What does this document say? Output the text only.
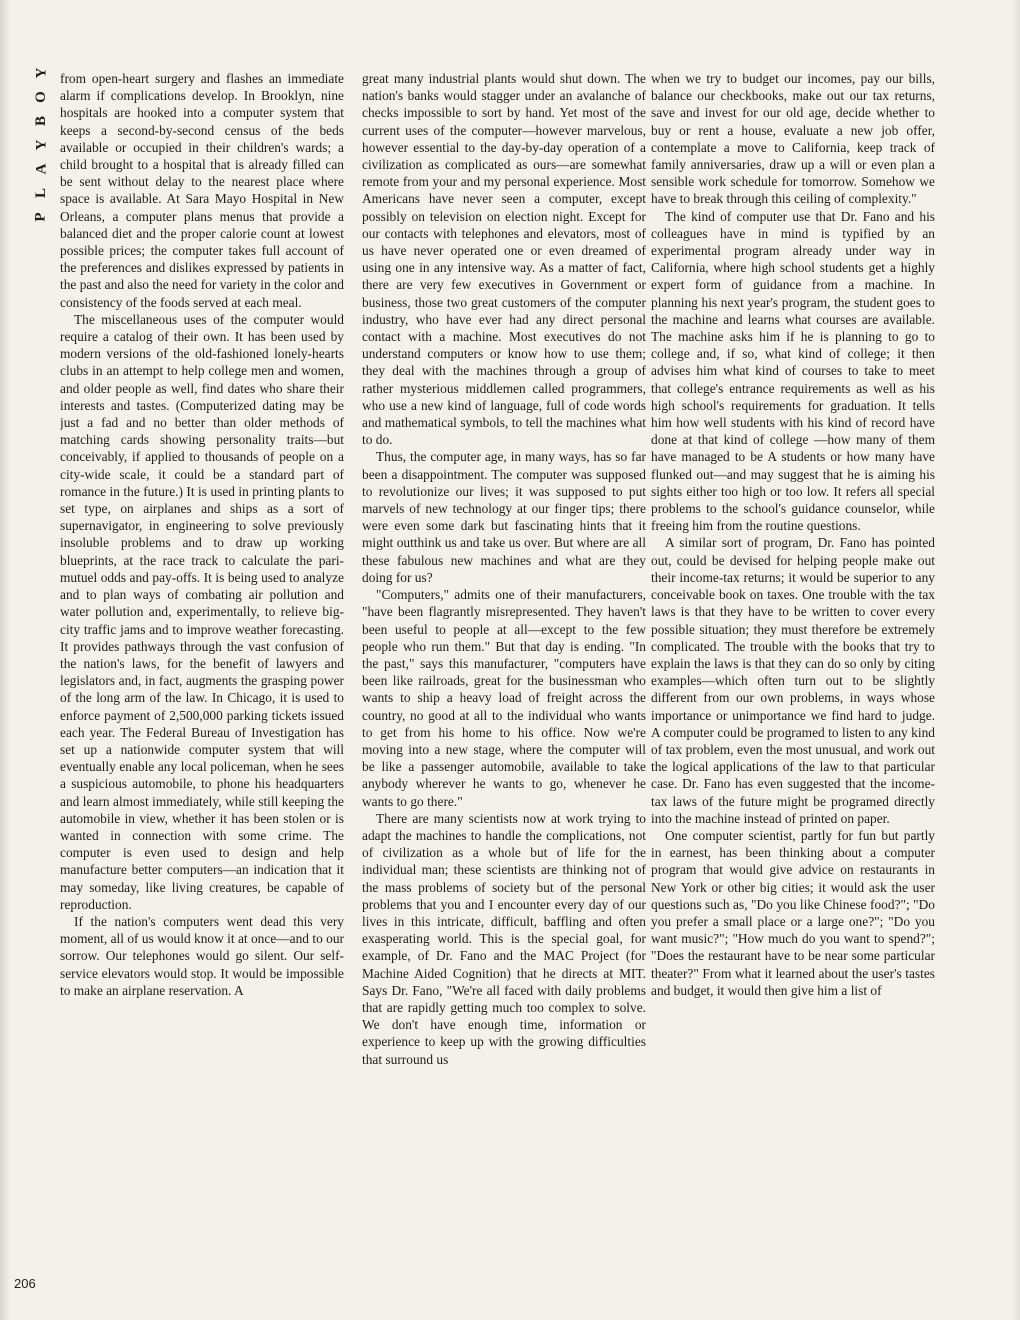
Y
O
B
Y
A
L
P
206

from open-heart surgery and flashes an immediate alarm if complications develop. In Brooklyn, nine hospitals are hooked into a computer system that keeps a second-by-second census of the beds available or occupied in their children's wards; a child brought to a hospital that is already filled can be sent without delay to the nearest place where space is available. At Sara Mayo Hospital in New Orleans, a computer plans menus that provide a balanced diet and the proper calorie count at lowest possible prices; the computer takes full account of the preferences and dislikes expressed by patients in the past and also the need for variety in the color and consistency of the foods served at each meal.

The miscellaneous uses of the computer would require a catalog of their own. It has been used by modern versions of the old-fashioned lonely-hearts clubs in an attempt to help college men and women, and older people as well, find dates who share their interests and tastes. (Computerized dating may be just a fad and no better than older methods of matching cards showing personality traits—but conceivably, if applied to thousands of people on a city-wide scale, it could be a standard part of romance in the future.) It is used in printing plants to set type, on airplanes and ships as a sort of supernavigator, in engineering to solve previously insoluble problems and to draw up working blueprints, at the race track to calculate the pari-mutuel odds and pay-offs. It is being used to analyze and to plan ways of combating air pollution and water pollution and, experimentally, to relieve big-city traffic jams and to improve weather forecasting. It provides pathways through the vast confusion of the nation's laws, for the benefit of lawyers and legislators and, in fact, augments the grasping power of the long arm of the law. In Chicago, it is used to enforce payment of 2,500,000 parking tickets issued each year. The Federal Bureau of Investigation has set up a nationwide computer system that will eventually enable any local policeman, when he sees a suspicious automobile, to phone his headquarters and learn almost immediately, while still keeping the automobile in view, whether it has been stolen or is wanted in connection with some crime. The computer is even used to design and help manufacture better computers—an indication that it may someday, like living creatures, be capable of reproduction.

If the nation's computers went dead this very moment, all of us would know it at once—and to our sorrow. Our telephones would go silent. Our self-service elevators would stop. It would be impossible to make an airplane reservation. A

great many industrial plants would shut down. The nation's banks would stagger under an avalanche of checks impossible to sort by hand. Yet most of the current uses of the computer—however marvelous, however essential to the day-by-day operation of a civilization as complicated as ours—are somewhat remote from your and my personal experience. Most Americans have never seen a computer, except possibly on television on election night. Except for our contacts with telephones and elevators, most of us have never operated one or even dreamed of using one in any intensive way. As a matter of fact, there are very few executives in Government or business, those two great customers of the computer industry, who have ever had any direct personal contact with a machine. Most executives do not understand computers or know how to use them; they deal with the machines through a group of rather mysterious middlemen called programmers, who use a new kind of language, full of code words and mathematical symbols, to tell the machines what to do.

Thus, the computer age, in many ways, has so far been a disappointment. The computer was supposed to revolutionize our lives; it was supposed to put marvels of new technology at our finger tips; there were even some dark but fascinating hints that it might outthink us and take us over. But where are all these fabulous new machines and what are they doing for us?

"Computers," admits one of their manufacturers, "have been flagrantly misrepresented. They haven't been useful to people at all—except to the few people who run them." But that day is ending. "In the past," says this manufacturer, "computers have been like railroads, great for the businessman who wants to ship a heavy load of freight across the country, no good at all to the individual who wants to get from his home to his office. Now we're moving into a new stage, where the computer will be like a passenger automobile, available to take anybody wherever he wants to go, whenever he wants to go there."

There are many scientists now at work trying to adapt the machines to handle the complications, not of civilization as a whole but of life for the individual man; these scientists are thinking not of the mass problems of society but of the personal problems that you and I encounter every day of our lives in this intricate, difficult, baffling and often exasperating world. This is the special goal, for example, of Dr. Fano and the MAC Project (for Machine Aided Cognition) that he directs at MIT. Says Dr. Fano, "We're all faced with daily problems that are rapidly getting much too complex to solve. We don't have enough time, information or experience to keep up with the growing difficulties that surround us

when we try to budget our incomes, pay our bills, balance our checkbooks, make out our tax returns, save and invest for our old age, decide whether to buy or rent a house, evaluate a new job offer, contemplate a move to California, keep track of family anniversaries, draw up a will or even plan a sensible work schedule for tomorrow. Somehow we have to break through this ceiling of complexity."

The kind of computer use that Dr. Fano and his colleagues have in mind is typified by an experimental program already under way in California, where high school students get a highly expert form of guidance from a machine. In planning his next year's program, the student goes to the machine and learns what courses are available. The machine asks him if he is planning to go to college and, if so, what kind of college; it then advises him what kind of courses to take to meet that college's entrance requirements as well as his high school's requirements for graduation. It tells him how well students with his kind of record have done at that kind of college —how many of them have managed to be A students or how many have flunked out—and may suggest that he is aiming his sights either too high or too low. It refers all special problems to the school's guidance counselor, while freeing him from the routine questions.

A similar sort of program, Dr. Fano has pointed out, could be devised for helping people make out their income-tax returns; it would be superior to any conceivable book on taxes. One trouble with the tax laws is that they have to be written to cover every possible situation; they must therefore be extremely complicated. The trouble with the books that try to explain the laws is that they can do so only by citing examples—which often turn out to be slightly different from our own problems, in ways whose importance or unimportance we find hard to judge. A computer could be programed to listen to any kind of tax problem, even the most unusual, and work out the logical applications of the law to that particular case. Dr. Fano has even suggested that the income-tax laws of the future might be programed directly into the machine instead of printed on paper.

One computer scientist, partly for fun but partly in earnest, has been thinking about a computer program that would give advice on restaurants in New York or other big cities; it would ask the user questions such as, "Do you like Chinese food?"; "Do you prefer a small place or a large one?"; "Do you want music?"; "How much do you want to spend?"; "Does the restaurant have to be near some particular theater?" From what it learned about the user's tastes and budget, it would then give him a list of
